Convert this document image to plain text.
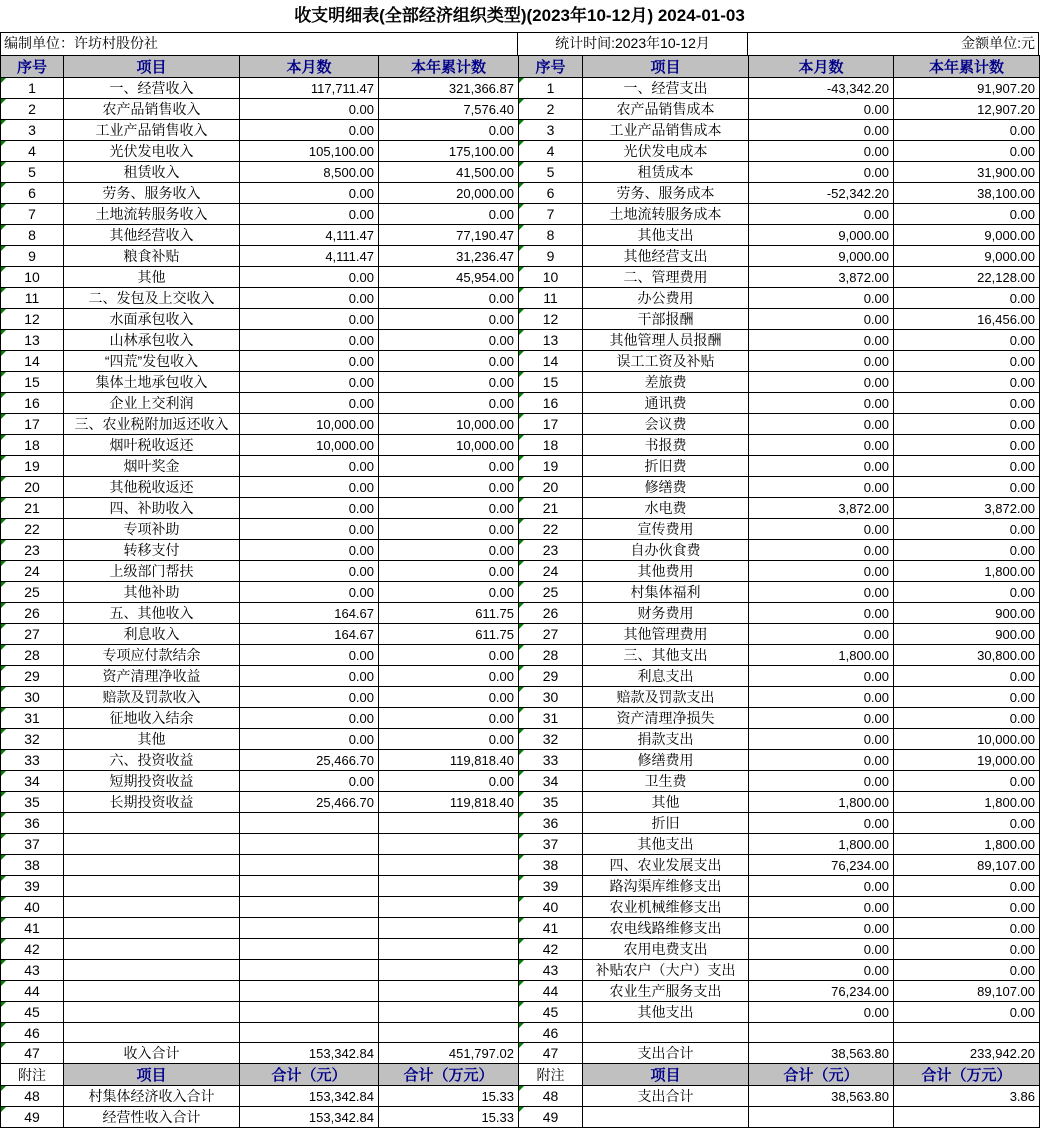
收支明细表(全部经济组织类型)(2023年10-12月) 2024-01-03
编制单位：许坊村股份社	统计时间:2023年10-12月	金额单位:元
序号	项目	本月数	本年累计数	序号	项目	本月数	本年累计数

1	一、经营收入	117,711.47	321,366.87	1	一、经营支出	-43,342.20	91,907.20

2	农产品销售收入	0.00	7,576.40	2	农产品销售成本	0.00	12,907.20

3	工业产品销售收入	0.00	0.00	3	工业产品销售成本	0.00	0.00

4	光伏发电收入	105,100.00	175,100.00	4	光伏发电成本	0.00	0.00

5	租赁收入	8,500.00	41,500.00	5	租赁成本	0.00	31,900.00

6	劳务、服务收入	0.00	20,000.00	6	劳务、服务成本	-52,342.20	38,100.00

7	土地流转服务收入	0.00	0.00	7	土地流转服务成本	0.00	0.00

8	其他经营收入	4,111.47	77,190.47	8	其他支出	9,000.00	9,000.00

9	粮食补贴	4,111.47	31,236.47	9	其他经营支出	9,000.00	9,000.00

10	其他	0.00	45,954.00	10	二、管理费用	3,872.00	22,128.00

11	二、发包及上交收入	0.00	0.00	11	办公费用	0.00	0.00

12	水面承包收入	0.00	0.00	12	干部报酬	0.00	16,456.00

13	山林承包收入	0.00	0.00	13	其他管理人员报酬	0.00	0.00

14	“四荒”发包收入	0.00	0.00	14	误工工资及补贴	0.00	0.00

15	集体土地承包收入	0.00	0.00	15	差旅费	0.00	0.00

16	企业上交利润	0.00	0.00	16	通讯费	0.00	0.00

17	三、农业税附加返还收入	10,000.00	10,000.00	17	会议费	0.00	0.00

18	烟叶税收返还	10,000.00	10,000.00	18	书报费	0.00	0.00

19	烟叶奖金	0.00	0.00	19	折旧费	0.00	0.00

20	其他税收返还	0.00	0.00	20	修缮费	0.00	0.00

21	四、补助收入	0.00	0.00	21	水电费	3,872.00	3,872.00

22	专项补助	0.00	0.00	22	宣传费用	0.00	0.00

23	转移支付	0.00	0.00	23	自办伙食费	0.00	0.00

24	上级部门帮扶	0.00	0.00	24	其他费用	0.00	1,800.00

25	其他补助	0.00	0.00	25	村集体福利	0.00	0.00

26	五、其他收入	164.67	611.75	26	财务费用	0.00	900.00

27	利息收入	164.67	611.75	27	其他管理费用	0.00	900.00

28	专项应付款结余	0.00	0.00	28	三、其他支出	1,800.00	30,800.00

29	资产清理净收益	0.00	0.00	29	利息支出	0.00	0.00

30	赔款及罚款收入	0.00	0.00	30	赔款及罚款支出	0.00	0.00

31	征地收入结余	0.00	0.00	31	资产清理净损失	0.00	0.00

32	其他	0.00	0.00	32	捐款支出	0.00	10,000.00

33	六、投资收益	25,466.70	119,818.40	33	修缮费用	0.00	19,000.00

34	短期投资收益	0.00	0.00	34	卫生费	0.00	0.00

35	长期投资收益	25,466.70	119,818.40	35	其他	1,800.00	1,800.00

36				36	折旧	0.00	0.00

37				37	其他支出	1,800.00	1,800.00

38				38	四、农业发展支出	76,234.00	89,107.00

39				39	路沟渠库维修支出	0.00	0.00

40				40	农业机械维修支出	0.00	0.00

41				41	农电线路维修支出	0.00	0.00

42				42	农用电费支出	0.00	0.00

43				43	补贴农户（大户）支出	0.00	0.00

44				44	农业生产服务支出	76,234.00	89,107.00

45				45	其他支出	0.00	0.00

46				46			

47	收入合计	153,342.84	451,797.02	47	支出合计	38,563.80	233,942.20
附注	项目	合计（元）	合计（万元）	附注	项目	合计（元）	合计（万元）

48	村集体经济收入合计	153,342.84	15.33	48	支出合计	38,563.80	3.86

49	经营性收入合计	153,342.84	15.33	49			
